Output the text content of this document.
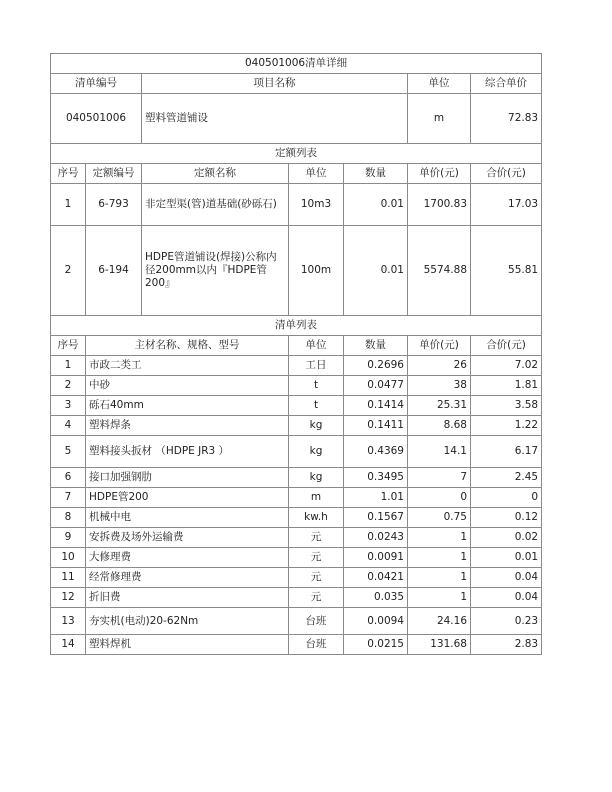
040501006清单详细						
清单编号		项目名称			单位	综合单价
040501006		塑料管道铺设			m	72.83
定额列表						
序号	定额编号	定额名称	单位	数量	单价(元)	合价(元)
1	6-793	非定型渠(管)道基础(砂砾石)	10m3	0.01	1700.83	17.03
2	6-194	HDPE管道铺设(焊接)公称内径200mm以内『HDPE管200』	100m	0.01	5574.88	55.81
清单列表						
序号	主材名称、规格、型号		单位	数量	单价(元)	合价(元)
1	市政二类工		工日	0.2696	26	7.02
2	中砂		t	0.0477	38	1.81
3	砾石40mm		t	0.1414	25.31	3.58
4	塑料焊条		kg	0.1411	8.68	1.22
5	塑料接头扳材 （HDPE JR3 ）		kg	0.4369	14.1	6.17
6	接口加强钢肋		kg	0.3495	7	2.45
7	HDPE管200		m	1.01	0	0
8	机械中电		kw.h	0.1567	0.75	0.12
9	安拆费及场外运输费		元	0.0243	1	0.02
10	大修理费		元	0.0091	1	0.01
11	经常修理费		元	0.0421	1	0.04
12	折旧费		元	0.035	1	0.04
13	夯实机(电动)20-62Nm		台班	0.0094	24.16	0.23
14	塑料焊机		台班	0.0215	131.68	2.83
